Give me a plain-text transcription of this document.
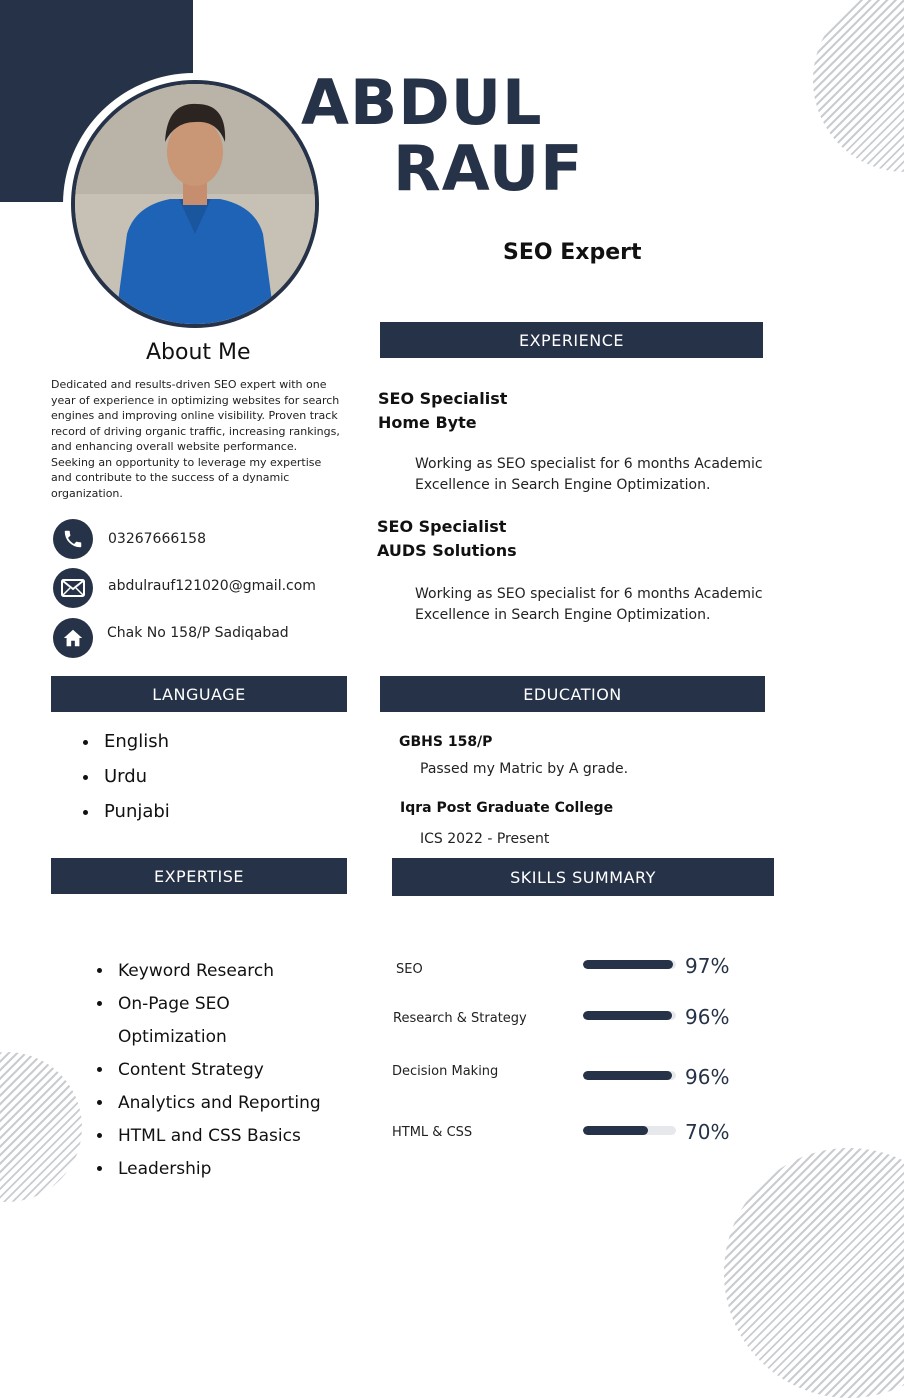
ABDUL
RAUF
SEO Expert
About Me
Dedicated and results-driven SEO expert with one year of experience in optimizing websites for search engines and improving online visibility. Proven track record of driving organic traffic, increasing rankings, and enhancing overall website performance. Seeking an opportunity to leverage my expertise and contribute to the success of a dynamic organization.
03267666158
abdulrauf121020@gmail.com
Chak No 158/P Sadiqabad
EXPERIENCE
SEO Specialist
Home Byte
Working as SEO specialist for 6 months Academic Excellence in Search Engine Optimization.
SEO Specialist
AUDS Solutions
Working as SEO specialist for 6 months Academic Excellence in Search Engine Optimization.
LANGUAGE
• English
• Urdu
• Punjabi
EDUCATION
GBHS 158/P
Passed my Matric by A grade.
Iqra Post Graduate College
ICS 2022 - Present
EXPERTISE
• Keyword Research
• On-Page SEO Optimization
• Content Strategy
• Analytics and Reporting
• HTML and CSS Basics
• Leadership
SKILLS SUMMARY
SEO	97%
Research & Strategy	96%
Decision Making	96%
HTML & CSS	70%
